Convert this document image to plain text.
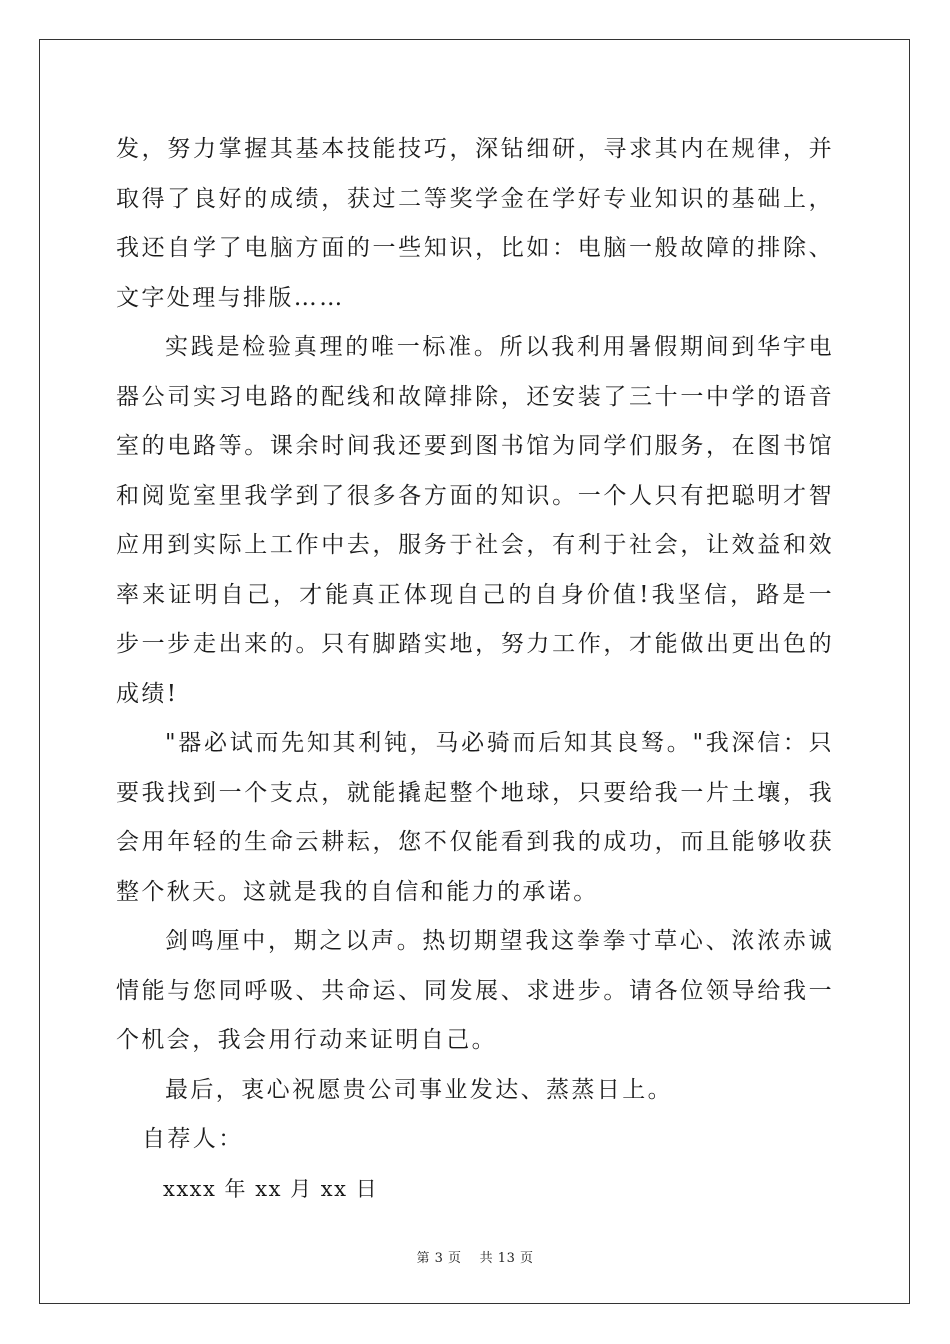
发，努力掌握其基本技能技巧，深钻细研，寻求其内在规律，并取得了良好的成绩，获过二等奖学金在学好专业知识的基础上，我还自学了电脑方面的一些知识，比如：电脑一般故障的排除、文字处理与排版……

实践是检验真理的唯一标准。所以我利用暑假期间到华宇电器公司实习电路的配线和故障排除，还安装了三十一中学的语音室的电路等。课余时间我还要到图书馆为同学们服务，在图书馆和阅览室里我学到了很多各方面的知识。一个人只有把聪明才智应用到实际上工作中去，服务于社会，有利于社会，让效益和效率来证明自己，才能真正体现自己的自身价值!我坚信，路是一步一步走出来的。只有脚踏实地，努力工作，才能做出更出色的成绩!

"器必试而先知其利钝，马必骑而后知其良驽。"我深信：只要我找到一个支点，就能撬起整个地球，只要给我一片土壤，我会用年轻的生命云耕耘，您不仅能看到我的成功，而且能够收获整个秋天。这就是我的自信和能力的承诺。

剑鸣厘中，期之以声。热切期望我这拳拳寸草心、浓浓赤诚情能与您同呼吸、共命运、同发展、求进步。请各位领导给我一个机会，我会用行动来证明自己。

最后，衷心祝愿贵公司事业发达、蒸蒸日上。

自荐人：

xxxx 年 xx 月 xx 日

第 3 页　 共 13 页
